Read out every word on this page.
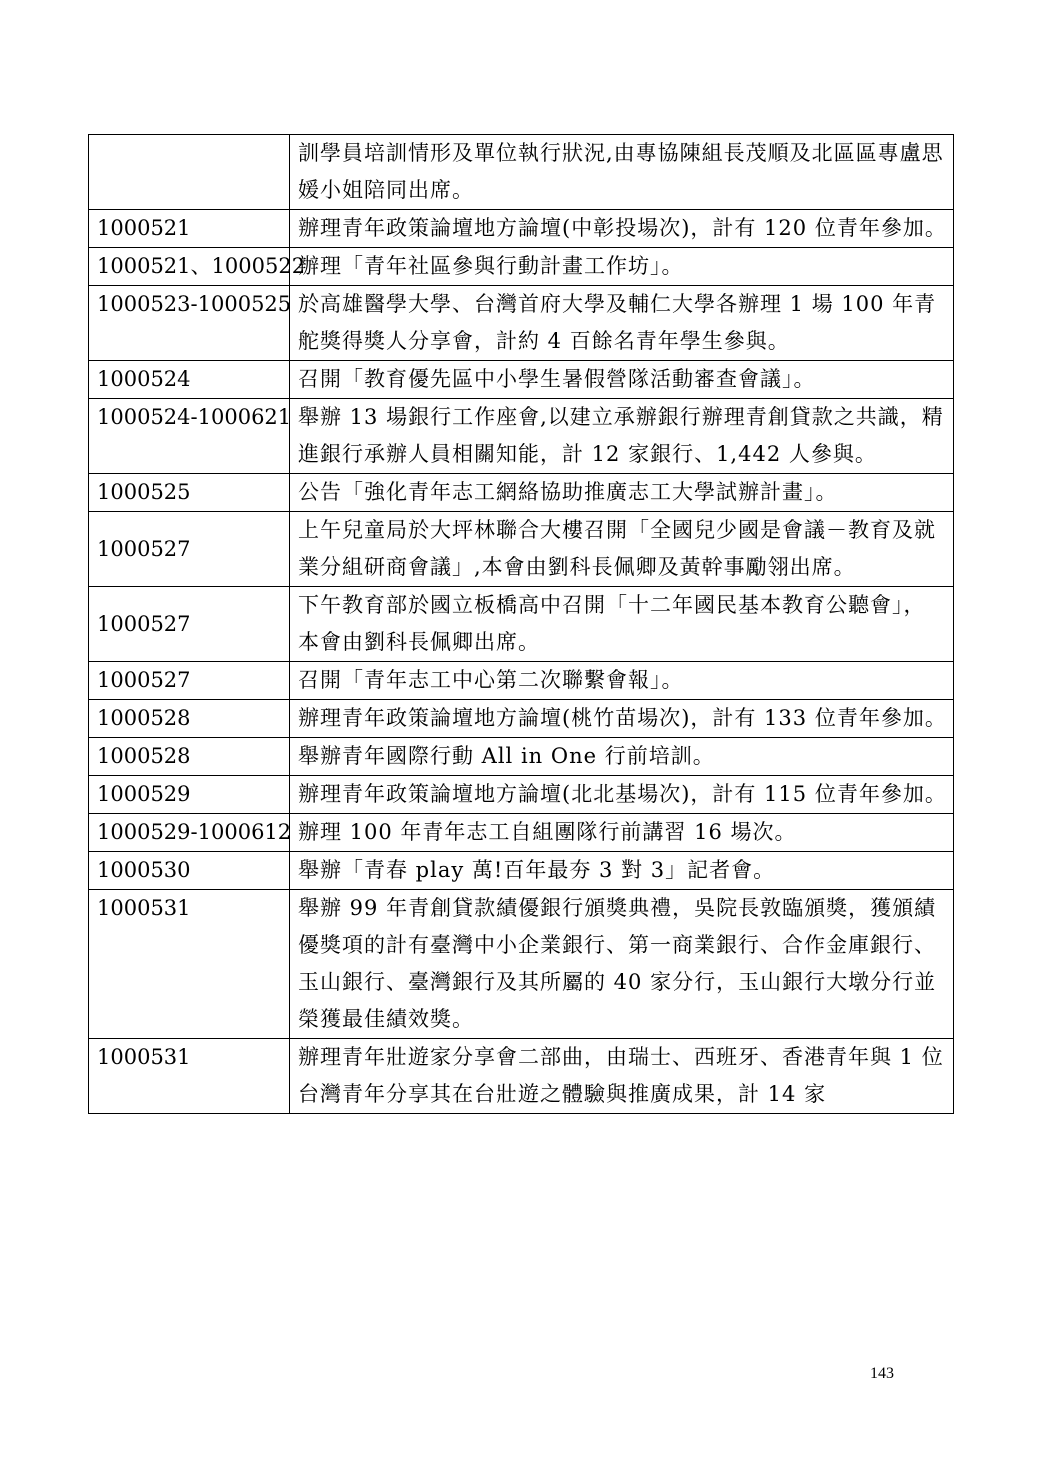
	訓學員培訓情形及單位執行狀況,由專協陳組長茂順及北區區專盧思媛小姐陪同出席。
1000521	辦理青年政策論壇地方論壇(中彰投場次)，計有 120 位青年參加。
1000521、1000522	辦理「青年社區參與行動計畫工作坊」。
1000523-1000525	於高雄醫學大學、台灣首府大學及輔仁大學各辦理 1 場 100 年青舵獎得獎人分享會，計約 4 百餘名青年學生參與。
1000524	召開「教育優先區中小學生暑假營隊活動審查會議」。
1000524-1000621	舉辦 13 場銀行工作座會,以建立承辦銀行辦理青創貸款之共識，精進銀行承辦人員相關知能，計 12 家銀行、1,442 人參與。
1000525	公告「強化青年志工網絡協助推廣志工大學試辦計畫」。
1000527	上午兒童局於大坪林聯合大樓召開「全國兒少國是會議－教育及就業分組研商會議」,本會由劉科長佩卿及黃幹事勵翎出席。
1000527	下午教育部於國立板橋高中召開「十二年國民基本教育公聽會」，本會由劉科長佩卿出席。
1000527	召開「青年志工中心第二次聯繫會報」。
1000528	辦理青年政策論壇地方論壇(桃竹苗場次)，計有 133 位青年參加。
1000528	舉辦青年國際行動 All in One 行前培訓。
1000529	辦理青年政策論壇地方論壇(北北基場次)，計有 115 位青年參加。
1000529-1000612	辦理 100 年青年志工自組團隊行前講習 16 場次。
1000530	舉辦「青春 play 萬!百年最夯 3 對 3」記者會。
1000531	舉辦 99 年青創貸款績優銀行頒獎典禮，吳院長敦臨頒獎，獲頒績優獎項的計有臺灣中小企業銀行、第一商業銀行、合作金庫銀行、玉山銀行、臺灣銀行及其所屬的 40 家分行，玉山銀行大墩分行並榮獲最佳績效獎。
1000531	辦理青年壯遊家分享會二部曲，由瑞士、西班牙、香港青年與 1 位台灣青年分享其在台壯遊之體驗與推廣成果，計 14 家
143
